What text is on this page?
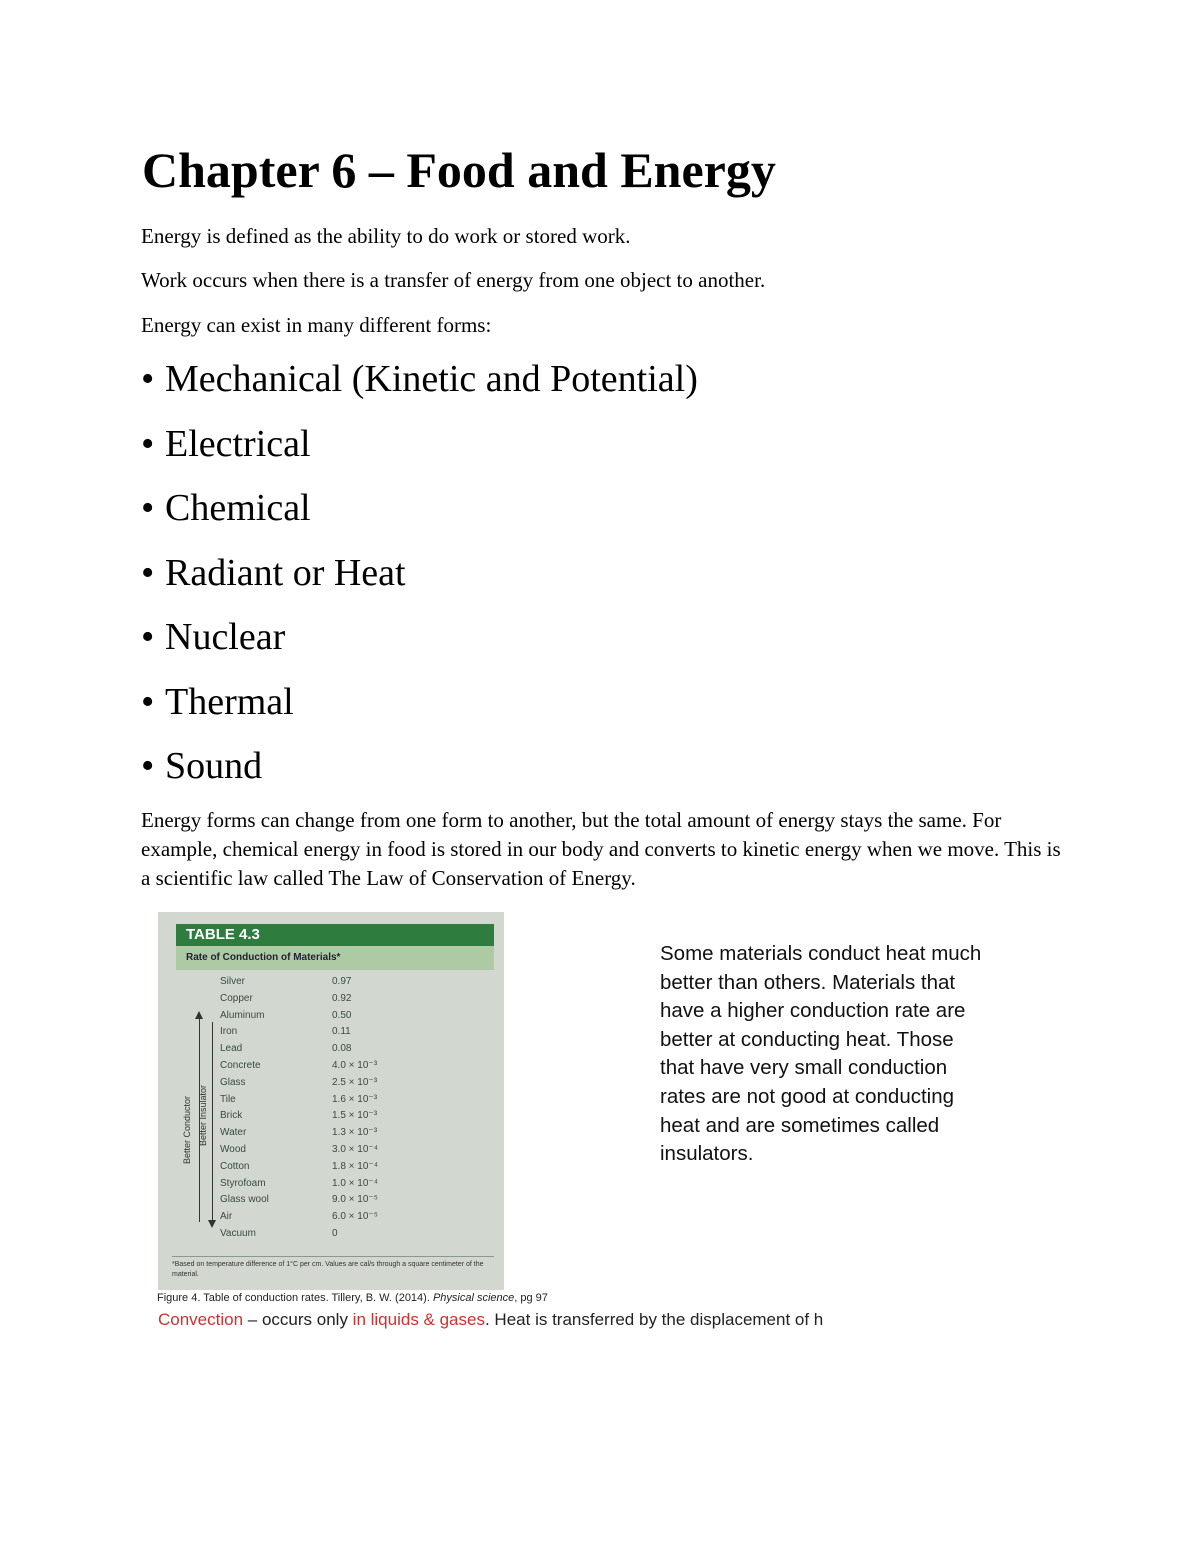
Chapter 6 – Food and Energy
Energy is defined as the ability to do work or stored work.
Work occurs when there is a transfer of energy from one object to another.
Energy can exist in many different forms:
• Mechanical (Kinetic and Potential)
• Electrical
• Chemical
• Radiant or Heat
• Nuclear
• Thermal
• Sound
Energy forms can change from one form to another, but the total amount of energy stays the same. For example, chemical energy in food is stored in our body and converts to kinetic energy when we move. This is a scientific law called The Law of Conservation of Energy.
TABLE 4.3
Rate of Conduction of Materials*
Better Conductor Better Insulator
Silver	0.97
Copper	0.92
Aluminum	0.50
Iron	0.11
Lead	0.08
Concrete	4.0 × 10⁻³
Glass	2.5 × 10⁻³
Tile	1.6 × 10⁻³
Brick	1.5 × 10⁻³
Water	1.3 × 10⁻³
Wood	3.0 × 10⁻⁴
Cotton	1.8 × 10⁻⁴
Styrofoam	1.0 × 10⁻⁴
Glass wool	9.0 × 10⁻⁵
Air	6.0 × 10⁻⁵
Vacuum	0
*Based on temperature difference of 1°C per cm. Values are cal/s through a square centimeter of the material.
Some materials conduct heat much better than others. Materials that have a higher conduction rate are better at conducting heat. Those that have very small conduction rates are not good at conducting heat and are sometimes called insulators.
Figure 4. Table of conduction rates. Tillery, B. W. (2014). Physical science, pg 97
Convection – occurs only in liquids & gases. Heat is transferred by the displacement of h
